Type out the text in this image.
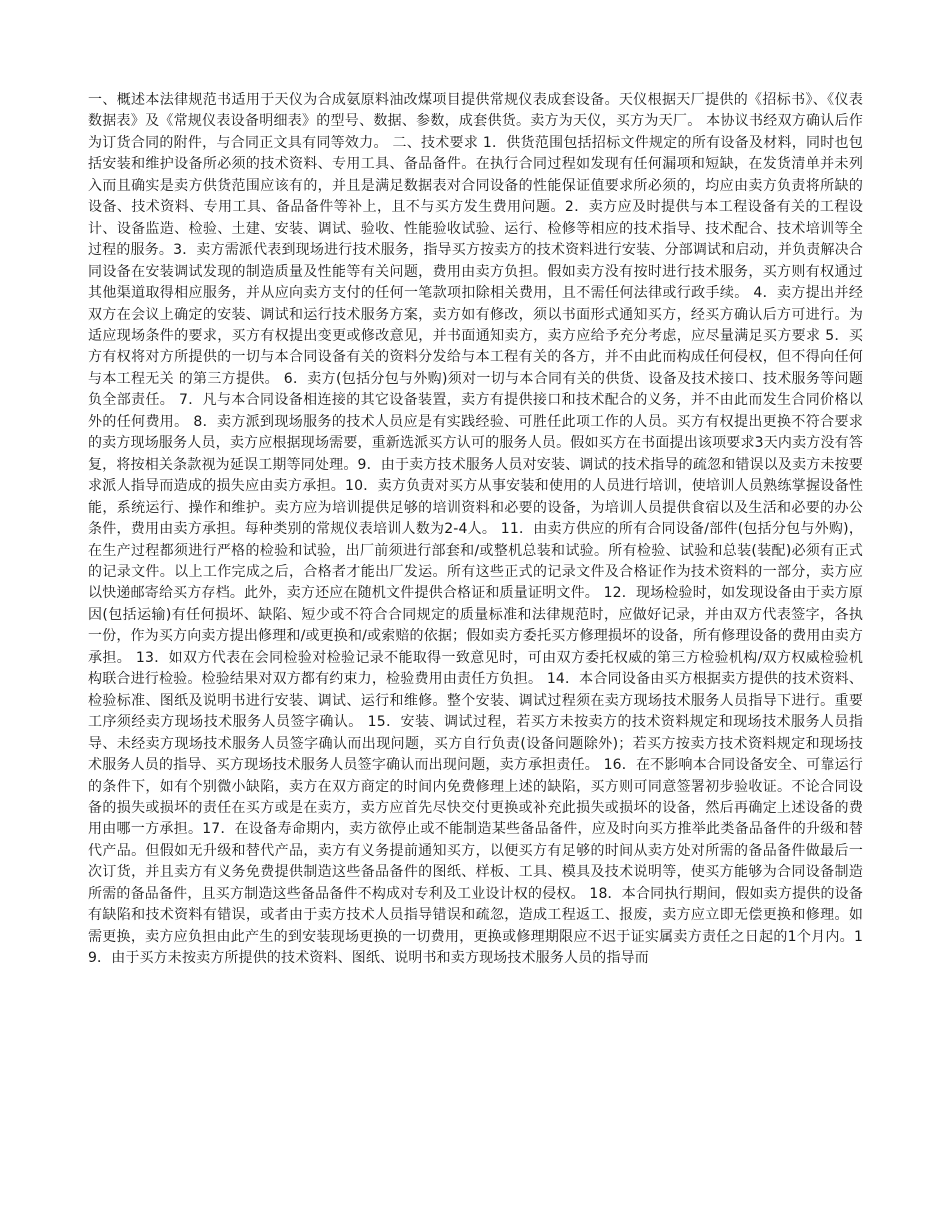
一、概述本法律规范书适用于天仪为合成氨原料油改煤项目提供常规仪表成套设备。天仪根据天厂提供的《招标书》、《仪表数据表》及《常规仪表设备明细表》的型号、数据、参数，成套供货。卖方为天仪，买方为天厂。 本协议书经双方确认后作为订货合同的附件，与合同正文具有同等效力。 二、技术要求 1．供货范围包括招标文件规定的所有设备及材料，同时也包括安装和维护设备所必须的技术资料、专用工具、备品备件。在执行合同过程如发现有任何漏项和短缺，在发货清单并未列入而且确实是卖方供货范围应该有的，并且是满足数据表对合同设备的性能保证值要求所必须的，均应由卖方负责将所缺的设备、技术资料、专用工具、备品备件等补上，且不与买方发生费用问题。2．卖方应及时提供与本工程设备有关的工程设计、设备监造、检验、土建、安装、调试、验收、性能验收试验、运行、检修等相应的技术指导、技术配合、技术培训等全过程的服务。3．卖方需派代表到现场进行技术服务，指导买方按卖方的技术资料进行安装、分部调试和启动，并负责解决合同设备在安装调试发现的制造质量及性能等有关问题，费用由卖方负担。假如卖方没有按时进行技术服务，买方则有权通过其他渠道取得相应服务，并从应向卖方支付的任何一笔款项扣除相关费用，且不需任何法律或行政手续。 4．卖方提出并经双方在会议上确定的安装、调试和运行技术服务方案，卖方如有修改，须以书面形式通知买方，经买方确认后方可进行。为适应现场条件的要求，买方有权提出变更或修改意见，并书面通知卖方，卖方应给予充分考虑，应尽量满足买方要求 5．买方有权将对方所提供的一切与本合同设备有关的资料分发给与本工程有关的各方，并不由此而构成任何侵权，但不得向任何与本工程无关 的第三方提供。 6．卖方(包括分包与外购)须对一切与本合同有关的供货、设备及技术接口、技术服务等问题负全部责任。 7．凡与本合同设备相连接的其它设备装置，卖方有提供接口和技术配合的义务，并不由此而发生合同价格以外的任何费用。 8．卖方派到现场服务的技术人员应是有实践经验、可胜任此项工作的人员。买方有权提出更换不符合要求的卖方现场服务人员，卖方应根据现场需要，重新选派买方认可的服务人员。假如买方在书面提出该项要求3天内卖方没有答复，将按相关条款视为延误工期等同处理。9．由于卖方技术服务人员对安装、调试的技术指导的疏忽和错误以及卖方未按要求派人指导而造成的损失应由卖方承担。10．卖方负责对买方从事安装和使用的人员进行培训，使培训人员熟练掌握设备性能，系统运行、操作和维护。卖方应为培训提供足够的培训资料和必要的设备，为培训人员提供食宿以及生活和必要的办公条件，费用由卖方承担。每种类别的常规仪表培训人数为2-4人。 11．由卖方供应的所有合同设备/部件(包括分包与外购)，在生产过程都须进行严格的检验和试验，出厂前须进行部套和/或整机总装和试验。所有检验、试验和总装(装配)必须有正式的记录文件。以上工作完成之后，合格者才能出厂发运。所有这些正式的记录文件及合格证作为技术资料的一部分，卖方应以快递邮寄给买方存档。此外，卖方还应在随机文件提供合格证和质量证明文件。 12．现场检验时，如发现设备由于卖方原因(包括运输)有任何损坏、缺陷、短少或不符合合同规定的质量标准和法律规范时，应做好记录，并由双方代表签字，各执一份，作为买方向卖方提出修理和/或更换和/或索赔的依据；假如卖方委托买方修理损坏的设备，所有修理设备的费用由卖方承担。 13．如双方代表在会同检验对检验记录不能取得一致意见时，可由双方委托权威的第三方检验机构/双方权威检验机构联合进行检验。检验结果对双方都有约束力，检验费用由责任方负担。 14．本合同设备由买方根据卖方提供的技术资料、检验标准、图纸及说明书进行安装、调试、运行和维修。整个安装、调试过程须在卖方现场技术服务人员指导下进行。重要工序须经卖方现场技术服务人员签字确认。 15．安装、调试过程，若买方未按卖方的技术资料规定和现场技术服务人员指导、未经卖方现场技术服务人员签字确认而出现问题，买方自行负责(设备问题除外)；若买方按卖方技术资料规定和现场技术服务人员的指导、买方现场技术服务人员签字确认而出现问题，卖方承担责任。 16．在不影响本合同设备安全、可靠运行的条件下，如有个别微小缺陷，卖方在双方商定的时间内免费修理上述的缺陷，买方则可同意签署初步验收证。不论合同设备的损失或损坏的责任在买方或是在卖方，卖方应首先尽快交付更换或补充此损失或损坏的设备，然后再确定上述设备的费用由哪一方承担。17．在设备寿命期内，卖方欲停止或不能制造某些备品备件，应及时向买方推举此类备品备件的升级和替代产品。但假如无升级和替代产品，卖方有义务提前通知买方，以便买方有足够的时间从卖方处对所需的备品备件做最后一次订货，并且卖方有义务免费提供制造这些备品备件的图纸、样板、工具、模具及技术说明等，使买方能够为合同设备制造所需的备品备件，且买方制造这些备品备件不构成对专利及工业设计权的侵权。 18．本合同执行期间，假如卖方提供的设备有缺陷和技术资料有错误，或者由于卖方技术人员指导错误和疏忽，造成工程返工、报废，卖方应立即无偿更换和修理。如需更换，卖方应负担由此产生的到安装现场更换的一切费用，更换或修理期限应不迟于证实属卖方责任之日起的1个月内。19．由于买方未按卖方所提供的技术资料、图纸、说明书和卖方现场技术服务人员的指导而
